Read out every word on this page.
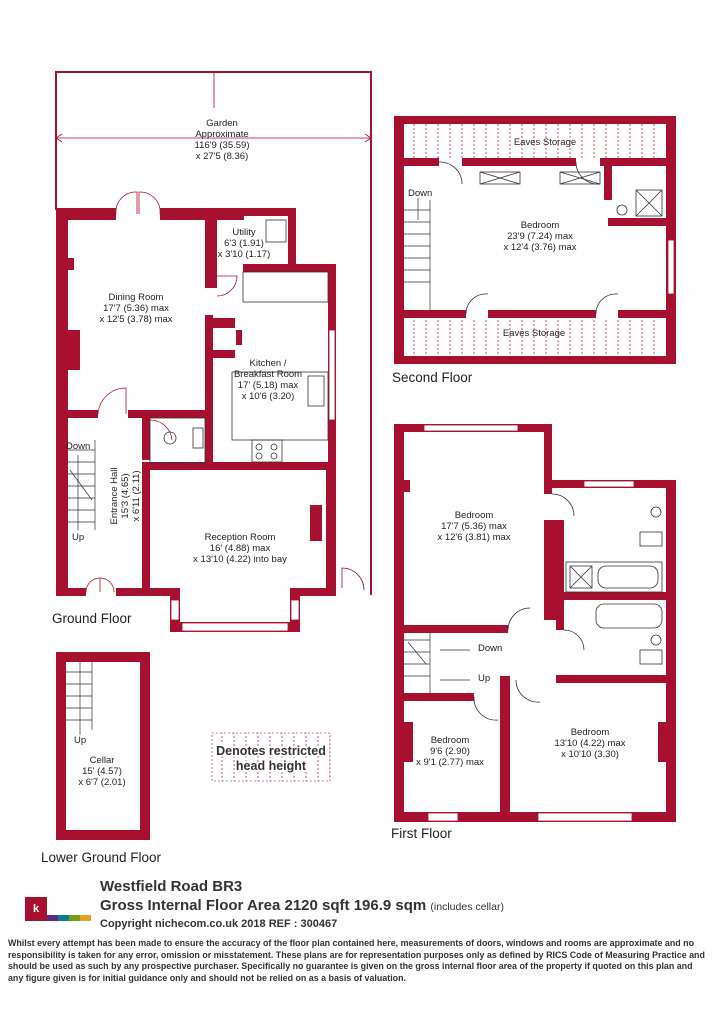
Garden
Approximate
116'9 (35.59)
x 27'5 (8.36)
Dining Room
17'7 (5.36) max
x 12'5 (3.78) max
Utility
6'3 (1.91)
x 3'10 (1.17)
Kitchen /
Breakfast Room
17' (5.18) max
x 10'6 (3.20)
Entrance Hall 15'3 (4.65) x 6'11 (2.11)
Reception Room
16' (4.88) max
x 13'10 (4.22) into bay
Down
Up
Ground Floor
Eaves Storage
Eaves Storage
Bedroom
23'9 (7.24) max
x 12'4 (3.76) max
Down
Second Floor
Bedroom
17'7 (5.36) max
x 12'6 (3.81) max
Bedroom
9'6 (2.90)
x 9'1 (2.77) max
Bedroom
13'10 (4.22) max
x 10'10 (3.30)
Down
Up
First Floor
Up
Cellar
15' (4.57)
x 6'7 (2.01)
Lower Ground Floor
Denotes restricted
head height
k
Westfield Road BR3
Gross Internal Floor Area 2120 sqft 196.9 sqm (includes cellar)
Copyright nichecom.co.uk 2018 REF : 300467
Whilst every attempt has been made to ensure the accuracy of the floor plan contained here, measurements of doors, windows and rooms are approximate and no responsibility is taken for any error, omission or misstatement. These plans are for representation purposes only as defined by RICS Code of Measuring Practice and should be used as such by any prospective purchaser. Specifically no guarantee is given on the gross internal floor area of the property if quoted on this plan and any figure given is for initial guidance only and should not be relied on as a basis of valuation.
